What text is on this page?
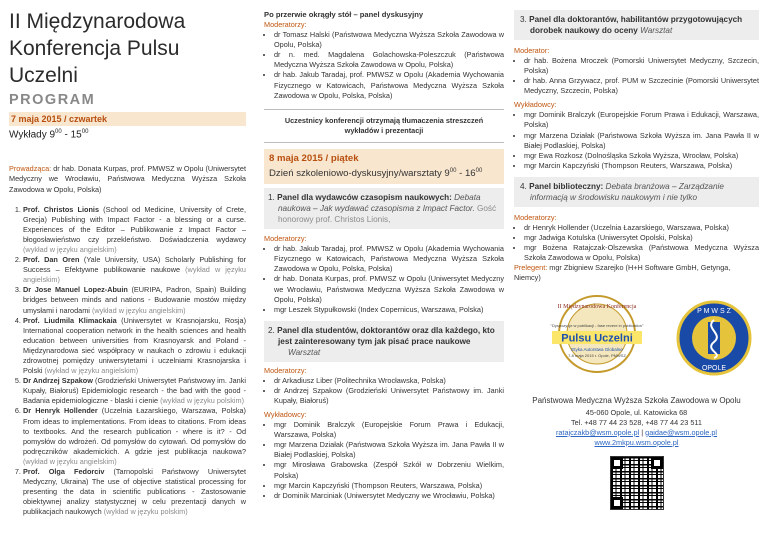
II Międzynarodowa
Konferencja Pulsu Uczelni
PROGRAM
7 maja 2015 / czwartek
Wykłady $9^{00} - 15^{00}$
Prowadząca: dr hab. Donata Kurpas, prof. PMWSZ w Opolu (Uniwersytet Medyczny we Wrocławiu, Państwowa Medyczna Wyższa Szkoła Zawodowa w Opolu, Polska)
1. Prof. Christos Lionis (School od Medicine, University of Crete, Grecja) Publishing with Impact Factor - a blessing or a curse. Experiences of the Editor – Publikowanie z Impact Factor – błogosławieństwo czy przekleństwo. Doświadczenia wydawcy (wykład w języku angielskim)
2. Prof. Dan Oren (Yale University, USA) Scholarly Publishing for Success – Efektywne publikowanie naukowe (wykład w języku angielskim)
3. Dr Jose Manuel Lopez-Abuin (EURIPA, Padron, Spain) Building bridges between minds and nations - Budowanie mostów między umysłami i narodami (wykład w języku angielskim)
4. Prof. Liudmila Klimackaia (Uniwersytet w Krasnojarsku, Rosja) International cooperation network in the health sciences and health education between universities from Krasnoyarsk and Poland - Międzynarodowa sieć współpracy w naukach o zdrowiu i edukacji zdrowotnej pomiędzy uniwersytetami i uczelniami Krasnojarska i Polski (wykład w języku angielskim)
5. Dr Andrzej Szpakow (Grodzieński Uniwersytet Państwowy im. Janki Kupały, Białoruś) Epidemiologic research - the bad with the good - Badania epidemiologiczne - blaski i cienie (wykład w języku polskim)
6. Dr Henryk Hollender (Uczelnia Łazarskiego, Warszawa, Polska) From ideas to implementations. From ideas to citations. From ideas to textbooks. And the research publication - where is it? - Od pomysłów do wdrożeń. Od pomysłów do cytowań. Od pomysłów do podręczników akademickich. A gdzie jest publikacja naukowa? (wykład w języku angielskim)
7. Prof. Olga Fedorciv (Tarnopolski Państwowy Uniwersytet Medyczny, Ukraina) The use of objective statistical processing for presenting the data in scientific publications - Zastosowanie obiektywnej analizy statystycznej w celu prezentacji danych w publikacjach naukowych (wykład w języku polskim)
Po przerwie okrągły stół – panel dyskusyjny
Moderatorzy:
• dr Tomasz Halski (Państwowa Medyczna Wyższa Szkoła Zawodowa w Opolu, Polska)
• dr n. med. Magdalena Golachowska-Poleszczuk (Państwowa Medyczna Wyższa Szkoła Zawodowa w Opolu, Polska)
• dr hab. Jakub Taradaj, prof. PMWSZ w Opolu (Akademia Wychowania Fizycznego w Katowicach, Państwowa Medyczna Wyższa Szkoła Zawodowa w Opolu, Polska, Polska)
Uczestnicy konferencji otrzymają tłumaczenia streszczeń wykładów i prezentacji
8 maja 2015 / piątek
Dzień szkoleniowo-dyskusyjny/warsztaty $9^{00} - 16^{00}$
1. Panel dla wydawców czasopism naukowych: Debata naukowa – Jak wydawać czasopisma z Impact Factor. Gość honorowy prof. Christos Lionis,
Moderatorzy:
• dr hab. Jakub Taradaj, prof. PMWSZ w Opolu (Akademia Wychowania Fizycznego w Katowicach, Państwowa Medyczna Wyższa Szkoła Zawodowa w Opolu, Polska, Polska)
• dr hab. Donata Kurpas, prof. PMWSZ w Opolu (Uniwersytet Medyczny we Wrocławiu, Państwowa Medyczna Wyższa Szkoła Zawodowa w Opolu, Polska)
• mgr Leszek Stypułkowski (Index Copernicus, Warszawa, Polska)
2. Panel dla studentów, doktorantów oraz dla każdego, kto jest zainteresowany tym jak pisać prace naukowe
Warsztat
Moderatorzy:
• dr Arkadiusz Liber (Politechnika Wrocławska, Polska)
• dr Andrzej Szpakow (Grodzieński Uniwersytet Państwowy im. Janki Kupały, Białoruś)
Wykładowcy:
• mgr Dominik Bralczyk (Europejskie Forum Prawa i Edukacji, Warszawa, Polska)
• mgr Marzena Działak (Państwowa Szkoła Wyższa im. Jana Pawła II w Białej Podlaskiej, Polska)
• mgr Mirosława Grabowska (Zespół Szkół w Dobrzeniu Wielkim, Polska)
• mgr Marcin Kapczyński (Thompson Reuters, Warszawa, Polska)
• dr Dominik Marciniak (Uniwersytet Medyczny we Wrocławiu, Polska)
3. Panel dla doktorantów, habilitantów przygotowujących dorobek naukowy do oceny Warsztat
Moderator:
• dr hab. Bożena Mroczek (Pomorski Uniwersytet Medyczny, Szczecin, Polska)
• dr hab. Anna Grzywacz, prof. PUM w Szczecinie (Pomorski Uniwersytet Medyczny, Szczecin, Polska)
Wykładowcy:
• mgr Dominik Bralczyk (Europejskie Forum Prawa i Edukacji, Warszawa, Polska)
• mgr Marzena Działak (Państwowa Szkoła Wyższa im. Jana Pawła II w Białej Podlaskiej, Polska)
• mgr Ewa Rozkosz (Dolnośląska Szkoła Wyższa, Wrocław, Polska)
• mgr Marcin Kapczyński (Thompson Reuters, Warszawa, Polska)
4. Panel biblioteczny: Debata branżowa – Zarządzanie informacją w środowisku naukowym i nie tylko
Moderatorzy:
• dr Henryk Hollender (Uczelnia Łazarskiego, Warszawa, Polska)
• mgr Jadwiga Kotulska (Uniwersytet Opolski, Polska)
• mgr Bożena Ratajczak-Olszewska (Państwowa Medyczna Wyższa Szkoła Zawodowa w Opolu, Polska)
Prelegent: mgr Zbigniew Szarejko (H+H Software GmbH, Getynga, Niemcy)
II Międzynarodowa Konferencja
"Dyspozycje w publikacji - fase revere in publication"
Pulsu Uczelni
Etyka Autorstwa Globalne
7-8 maja 2015 r. Opole, PMWSZ
P M W S Z
OPOLE
Państwowa Medyczna Wyższa Szkoła Zawodowa w Opolu
45-060 Opole, ul. Katowicka 68
Tel. +48 77 44 23 528, +48 77 44 23 511
ratajczakb@wsm.opole.pl | gaidae@wsm.opole.pl
www.2mkpu.wsm.opole.pl
